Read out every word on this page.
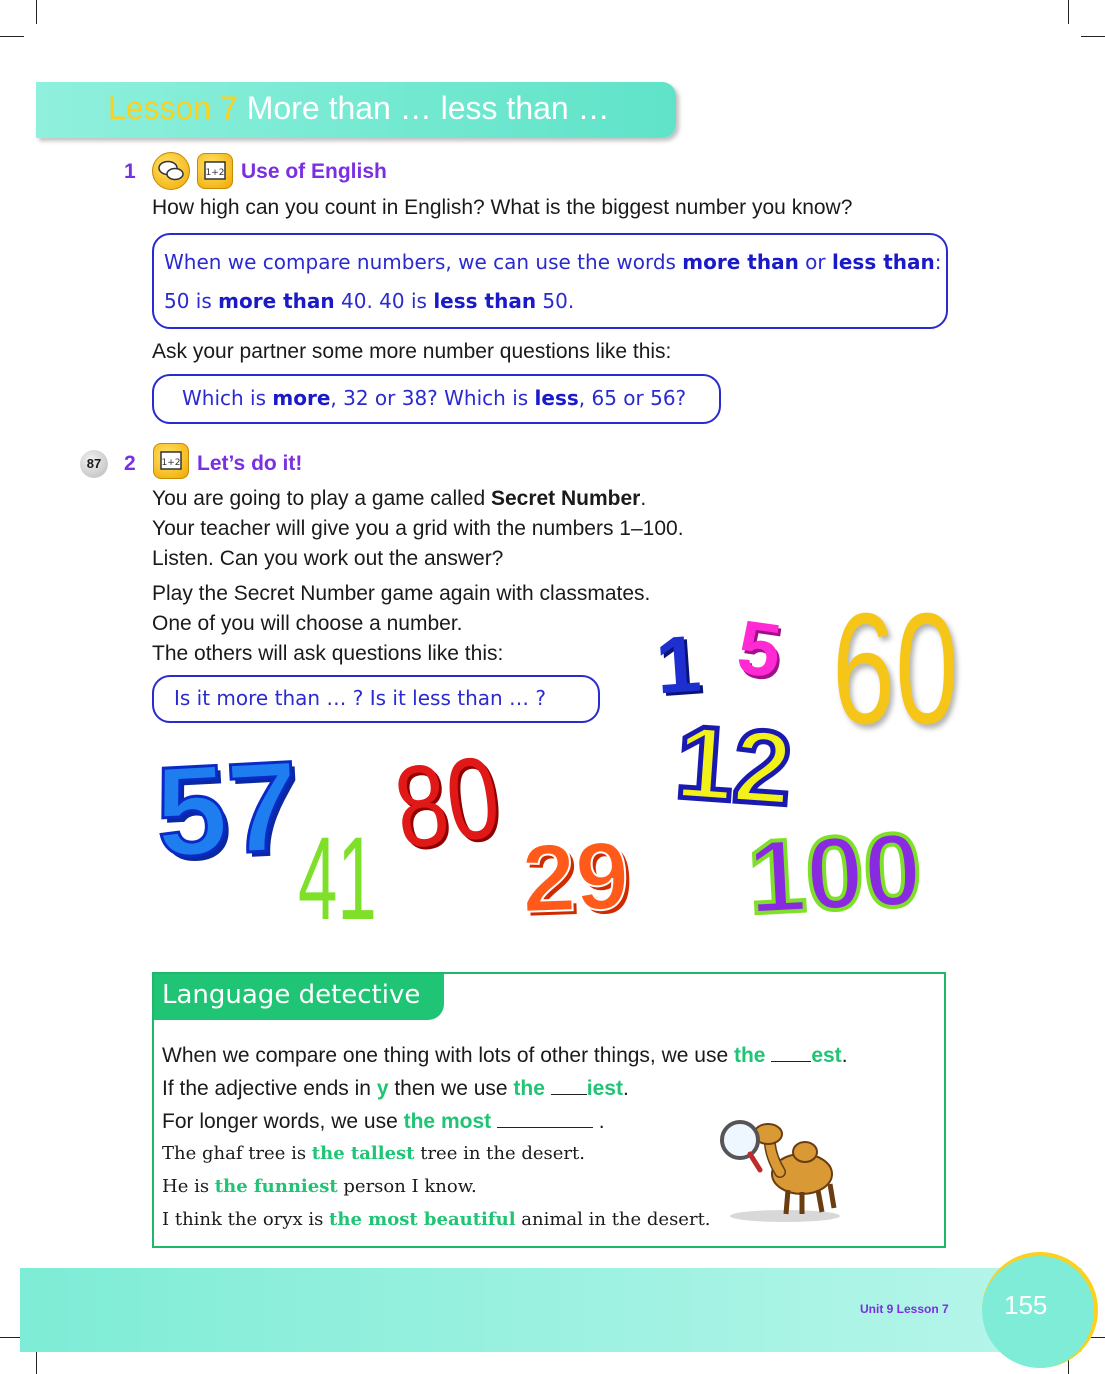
Lesson 7 More than … less than …
1	1+2 Use of English
How high can you count in English? What is the biggest number you know?
When we compare numbers, we can use the words more than or less than:
50 is more than 40. 40 is less than 50.
Ask your partner some more number questions like this:
Which is more, 32 or 38? Which is less, 65 or 56?
87	2	1+2 Let’s do it!
You are going to play a game called Secret Number.
Your teacher will give you a grid with the numbers 1–100.
Listen. Can you work out the answer?
Play the Secret Number game again with classmates.
One of you will choose a number.
The others will ask questions like this:
Is it more than … ? Is it less than … ? 1 5 60
12
57
41
80
29 100
Language detective
When we compare one thing with lots of other things, we use the est.
If the adjective ends in y then we use the iest.
For longer words, we use the most	.
The ghaf tree is the tallest tree in the desert.
He is the funniest person I know.
I think the oryx is the most beautiful animal in the desert.
Unit 9 Lesson 7 155
